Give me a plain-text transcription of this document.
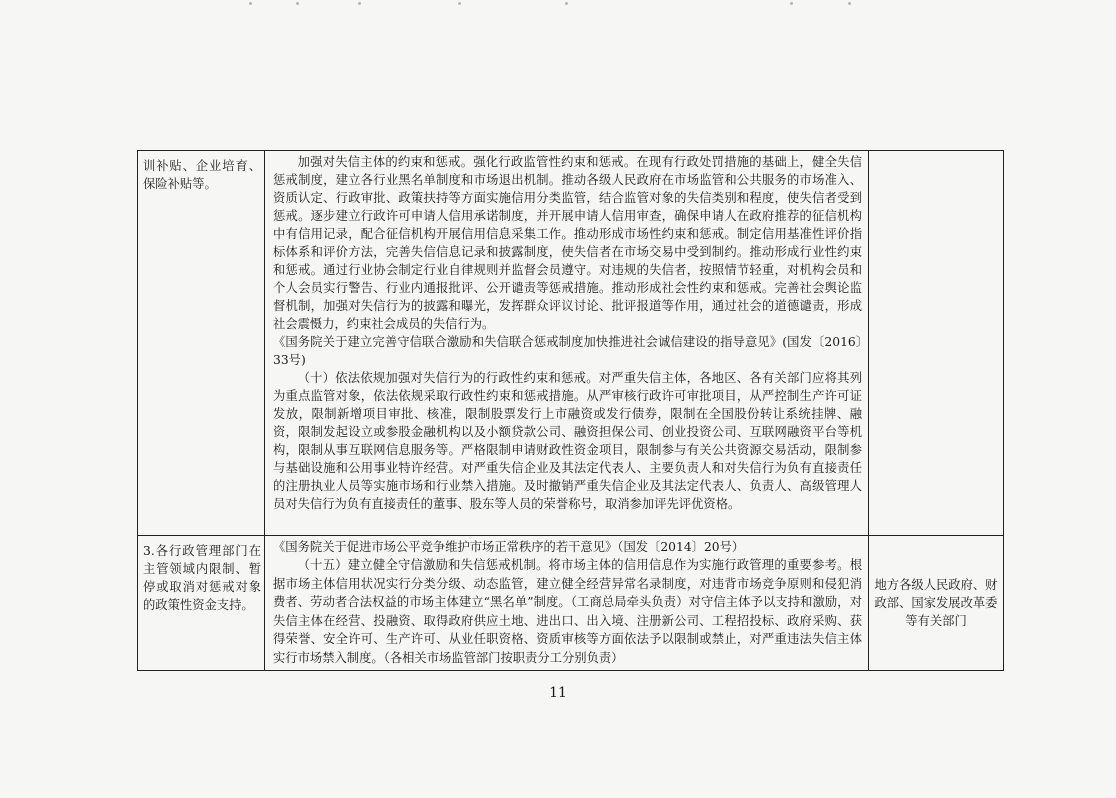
训补贴、企业培育、保险补贴等。	加强对失信主体的约束和惩戒。强化行政监管性约束和惩戒。在现有行政处罚措施的基础上，健全失信惩戒制度，建立各行业黑名单制度和市场退出机制。推动各级人民政府在市场监管和公共服务的市场准入、资质认定、行政审批、政策扶持等方面实施信用分类监管，结合监管对象的失信类别和程度，使失信者受到惩戒。逐步建立行政许可申请人信用承诺制度，并开展申请人信用审查，确保申请人在政府推荐的征信机构中有信用记录，配合征信机构开展信用信息采集工作。推动形成市场性约束和惩戒。制定信用基准性评价指标体系和评价方法，完善失信信息记录和披露制度，使失信者在市场交易中受到制约。推动形成行业性约束和惩戒。通过行业协会制定行业自律规则并监督会员遵守。对违规的失信者，按照情节轻重，对机构会员和个人会员实行警告、行业内通报批评、公开谴责等惩戒措施。推动形成社会性约束和惩戒。完善社会舆论监督机制，加强对失信行为的披露和曝光，发挥群众评议讨论、批评报道等作用，通过社会的道德谴责，形成社会震慑力，约束社会成员的失信行为。

《国务院关于建立完善守信联合激励和失信联合惩戒制度加快推进社会诚信建设的指导意见》(国发〔2016〕33号)

（十）依法依规加强对失信行为的行政性约束和惩戒。对严重失信主体，各地区、各有关部门应将其列为重点监管对象，依法依规采取行政性约束和惩戒措施。从严审核行政许可审批项目，从严控制生产许可证发放，限制新增项目审批、核准，限制股票发行上市融资或发行债券，限制在全国股份转让系统挂牌、融资，限制发起设立或参股金融机构以及小额贷款公司、融资担保公司、创业投资公司、互联网融资平台等机构，限制从事互联网信息服务等。严格限制申请财政性资金项目，限制参与有关公共资源交易活动，限制参与基础设施和公用事业特许经营。对严重失信企业及其法定代表人、主要负责人和对失信行为负有直接责任的注册执业人员等实施市场和行业禁入措施。及时撤销严重失信企业及其法定代表人、负责人、高级管理人员对失信行为负有直接责任的董事、股东等人员的荣誉称号，取消参加评先评优资格。	

3.各行政管理部门在主管领域内限制、暂停或取消对惩戒对象的政策性资金支持。	《国务院关于促进市场公平竞争维护市场正常秩序的若干意见》（国发〔2014〕20号）

（十五）建立健全守信激励和失信惩戒机制。将市场主体的信用信息作为实施行政管理的重要参考。根据市场主体信用状况实行分类分级、动态监管，建立健全经营异常名录制度，对违背市场竞争原则和侵犯消费者、劳动者合法权益的市场主体建立“黑名单”制度。（工商总局牵头负责）对守信主体予以支持和激励，对失信主体在经营、投融资、取得政府供应土地、进出口、出入境、注册新公司、工程招投标、政府采购、获得荣誉、安全许可、生产许可、从业任职资格、资质审核等方面依法予以限制或禁止，对严重违法失信主体实行市场禁入制度。（各相关市场监管部门按职责分工分别负责）	地方各级人民政府、财政部、国家发展改革委等有关部门
11
